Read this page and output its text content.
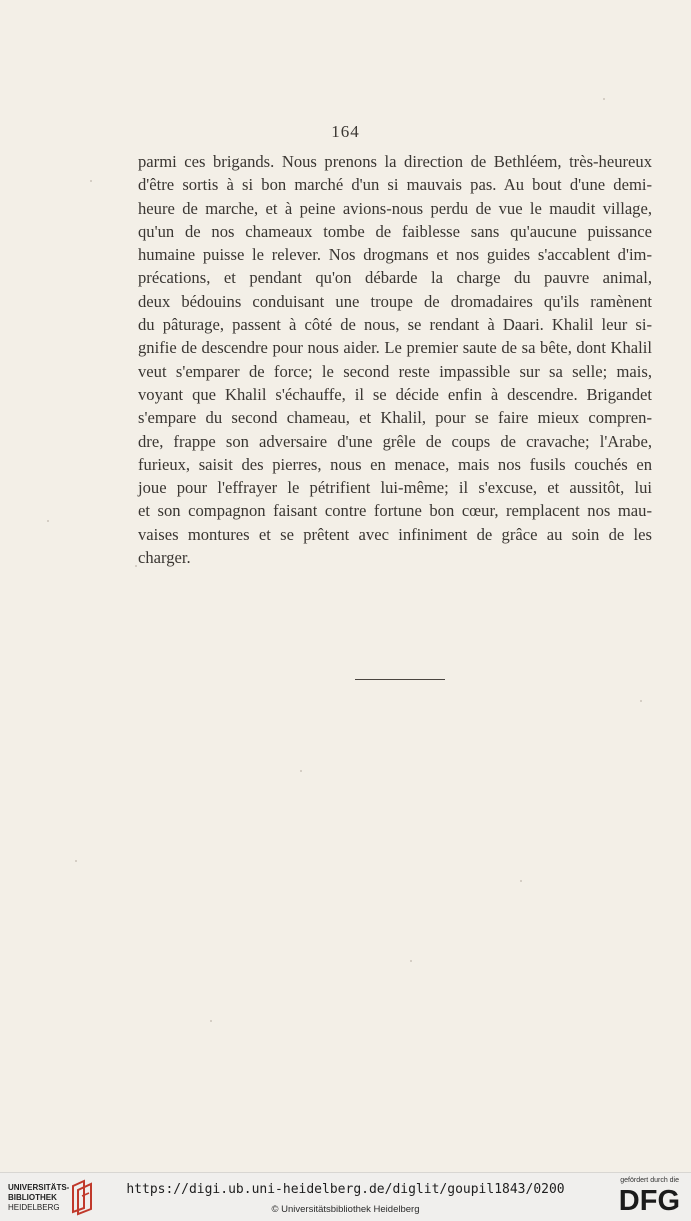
164
parmi ces brigands. Nous prenons la direction de Bethléem, très-heureux
d'être sortis à si bon marché d'un si mauvais pas. Au bout d'une demi-
heure de marche, et à peine avions-nous perdu de vue le maudit village,
qu'un de nos chameaux tombe de faiblesse sans qu'aucune puissance
humaine puisse le relever. Nos drogmans et nos guides s'accablent d'im-
précations, et pendant qu'on débarde la charge du pauvre animal,
deux bédouins conduisant une troupe de dromadaires qu'ils ramènent
du pâturage, passent à côté de nous, se rendant à Daari. Khalil leur si-
gnifie de descendre pour nous aider. Le premier saute de sa bête, dont Khalil
veut s'emparer de force; le second reste impassible sur sa selle; mais,
voyant que Khalil s'échauffe, il se décide enfin à descendre. Brigandet
s'empare du second chameau, et Khalil, pour se faire mieux compren-
dre, frappe son adversaire d'une grêle de coups de cravache; l'Arabe,
furieux, saisit des pierres, nous en menace, mais nos fusils couchés en
joue pour l'effrayer le pétrifient lui-même; il s'excuse, et aussitôt, lui
et son compagnon faisant contre fortune bon cœur, remplacent nos mau-
vaises montures et se prêtent avec infiniment de grâce au soin de les
charger.
UNIVERSITÄTS-
BIBLIOTHEK
HEIDELBERG
https://digi.ub.uni-heidelberg.de/diglit/goupil1843/0200
© Universitätsbibliothek Heidelberg
gefördert durch die
DFG
